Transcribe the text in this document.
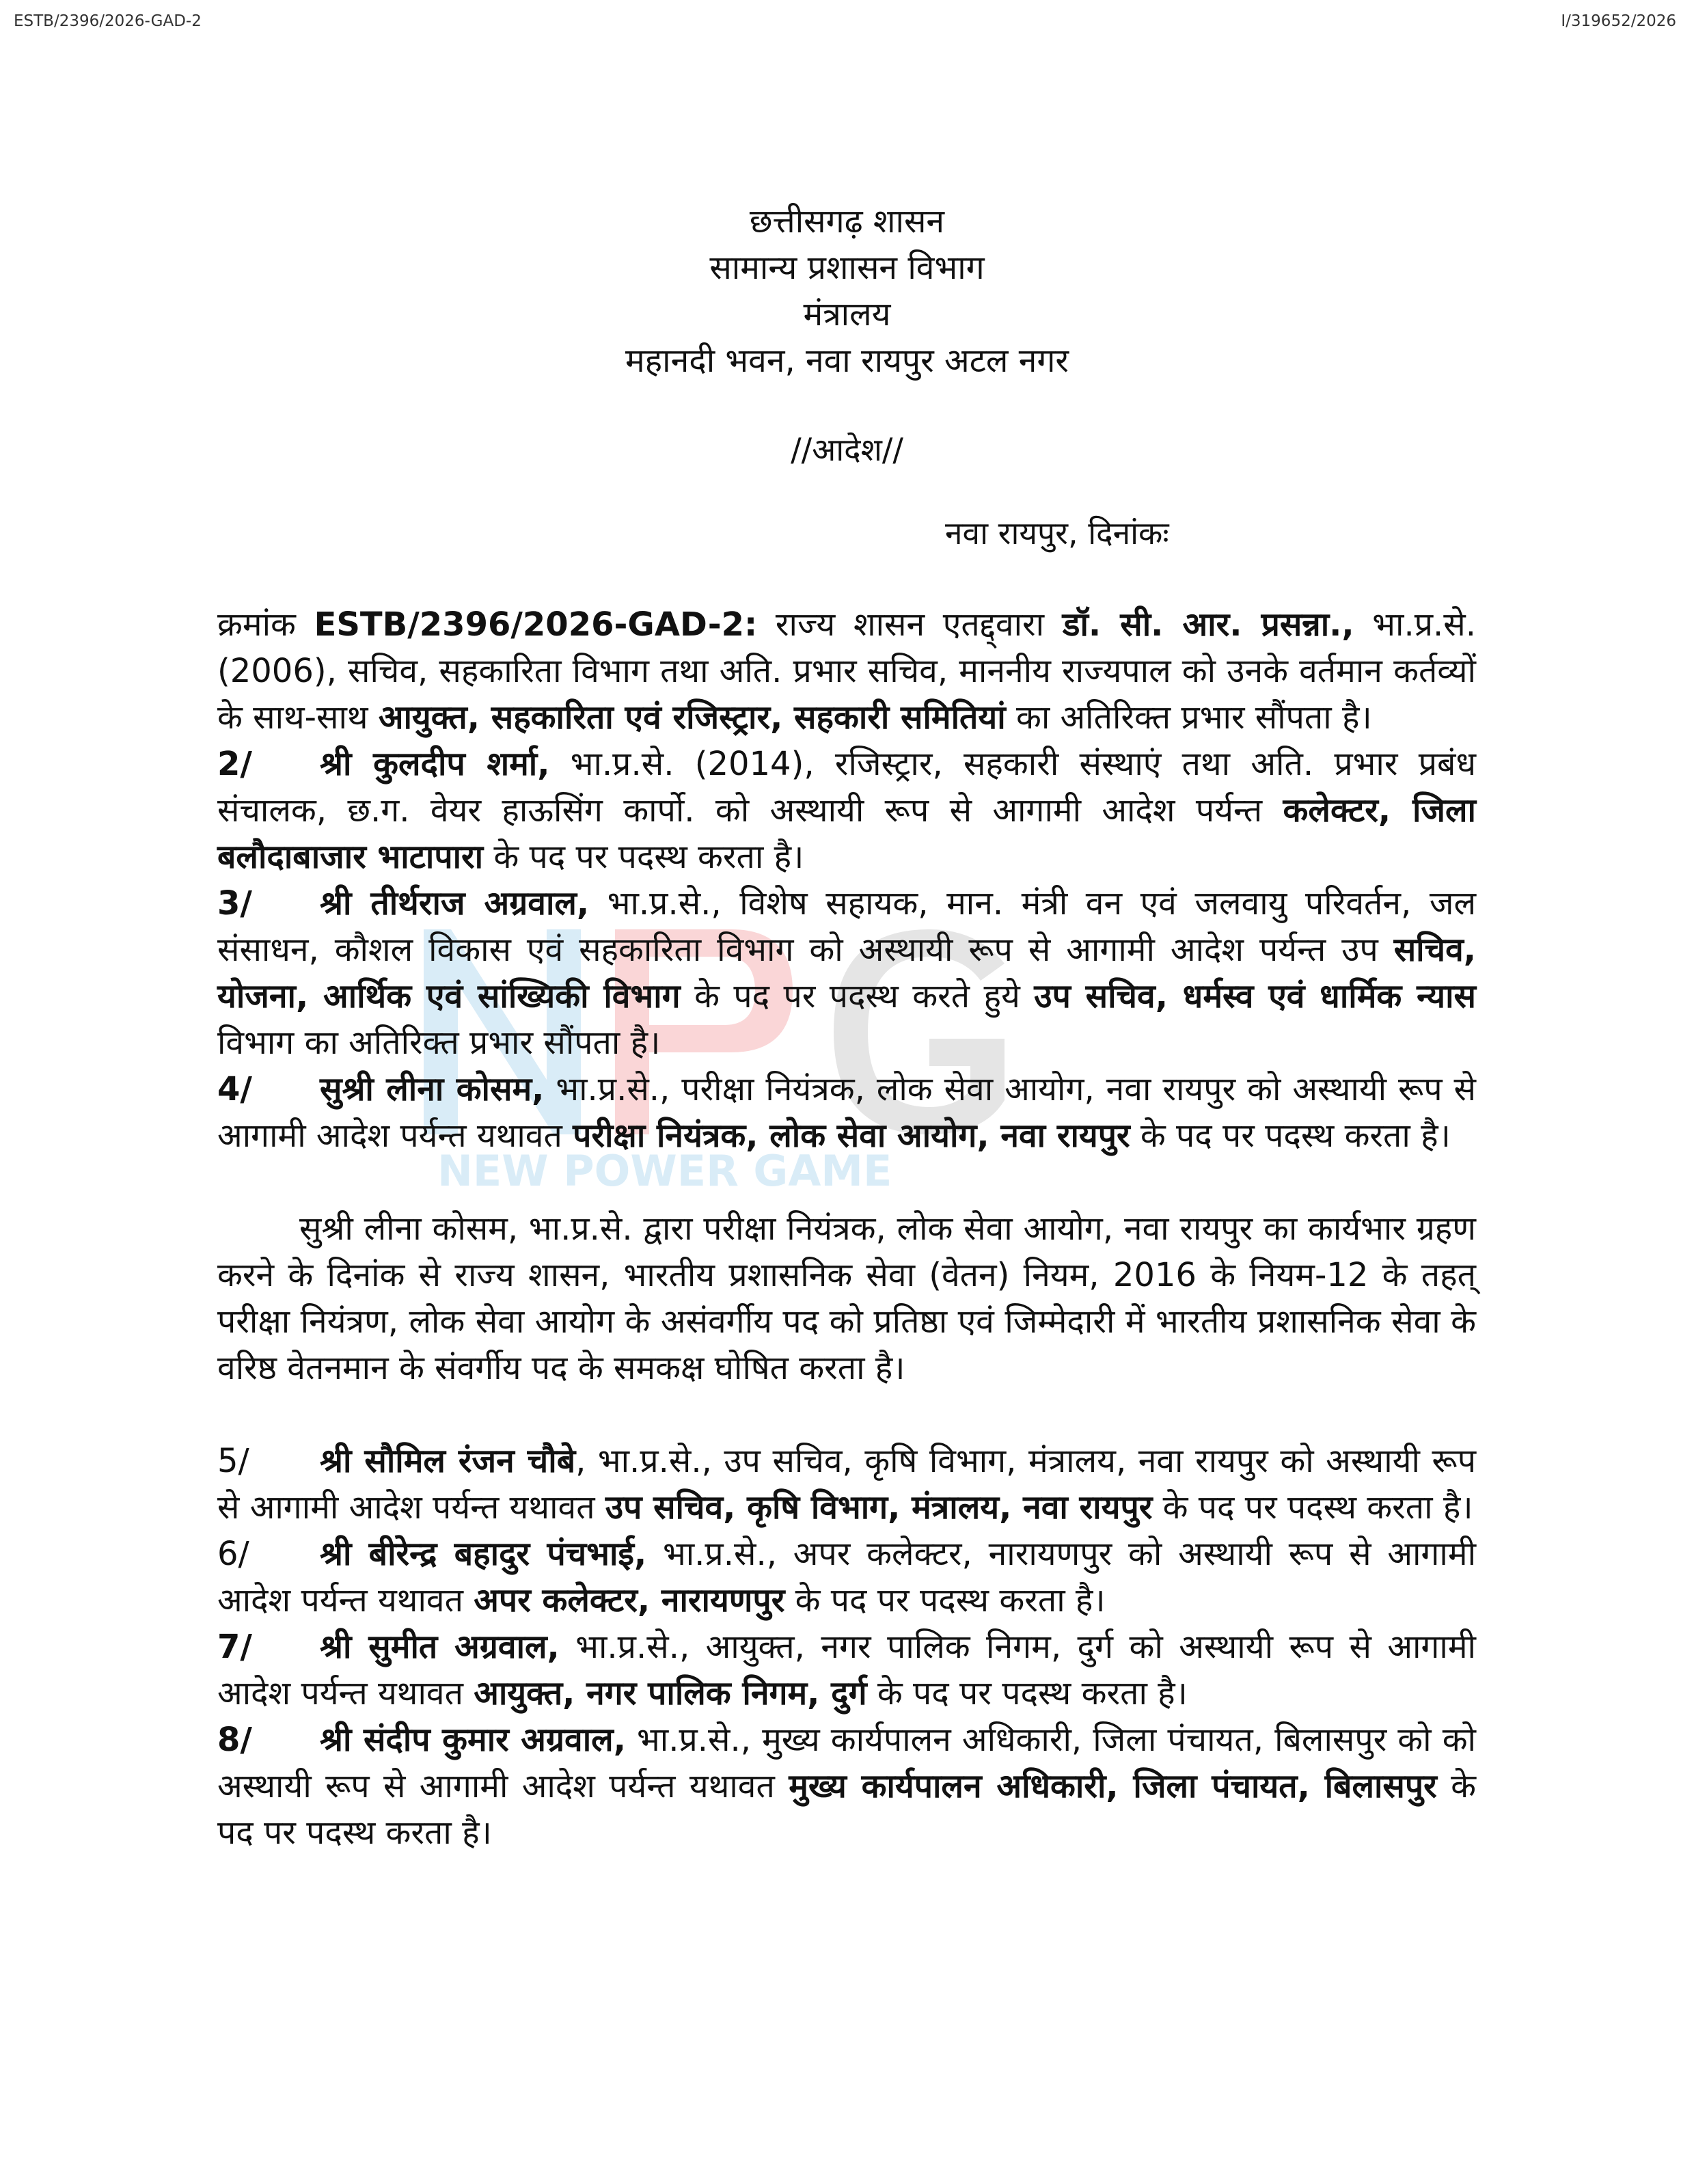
ESTB/2396/2026-GAD-2	I/319652/2026
छत्तीसगढ़ शासन
सामान्य प्रशासन विभाग
मंत्रालय
महानदी भवन, नवा रायपुर अटल नगर
//आदेश//
नवा रायपुर, दिनांकः
NEW POWER GAME

क्रमांक ESTB/2396/2026-GAD-2: राज्य शासन एतद्द्वारा डॉ. सी. आर. प्रसन्ना., भा.प्र.से. (2006), सचिव, सहकारिता विभाग तथा अति. प्रभार सचिव, माननीय राज्यपाल को उनके वर्तमान कर्तव्यों के साथ-साथ आयुक्त, सहकारिता एवं रजिस्ट्रार, सहकारी समितियां का अतिरिक्त प्रभार सौंपता है।

2/ श्री कुलदीप शर्मा, भा.प्र.से. (2014), रजिस्ट्रार, सहकारी संस्थाएं तथा अति. प्रभार प्रबंध संचालक, छ.ग. वेयर हाऊसिंग कार्पो. को अस्थायी रूप से आगामी आदेश पर्यन्त कलेक्टर, जिला बलौदाबाजार भाटापारा के पद पर पदस्थ करता है।

3/ श्री तीर्थराज अग्रवाल, भा.प्र.से., विशेष सहायक, मान. मंत्री वन एवं जलवायु परिवर्तन, जल संसाधन, कौशल विकास एवं सहकारिता विभाग को अस्थायी रूप से आगामी आदेश पर्यन्त उप सचिव, योजना, आर्थिक एवं सांख्यिकी विभाग के पद पर पदस्थ करते हुये उप सचिव, धर्मस्व एवं धार्मिक न्यास विभाग का अतिरिक्त प्रभार सौंपता है।

4/ सुश्री लीना कोसम, भा.प्र.से., परीक्षा नियंत्रक, लोक सेवा आयोग, नवा रायपुर को अस्थायी रूप से आगामी आदेश पर्यन्त यथावत परीक्षा नियंत्रक, लोक सेवा आयोग, नवा रायपुर के पद पर पदस्थ करता है।

सुश्री लीना कोसम, भा.प्र.से. द्वारा परीक्षा नियंत्रक, लोक सेवा आयोग, नवा रायपुर का कार्यभार ग्रहण करने के दिनांक से राज्य शासन, भारतीय प्रशासनिक सेवा (वेतन) नियम, 2016 के नियम-12 के तहत् परीक्षा नियंत्रण, लोक सेवा आयोग के असंवर्गीय पद को प्रतिष्ठा एवं जिम्मेदारी में भारतीय प्रशासनिक सेवा के वरिष्ठ वेतनमान के संवर्गीय पद के समकक्ष घोषित करता है।

5/ श्री सौमिल रंजन चौबे, भा.प्र.से., उप सचिव, कृषि विभाग, मंत्रालय, नवा रायपुर को अस्थायी रूप से आगामी आदेश पर्यन्त यथावत उप सचिव, कृषि विभाग, मंत्रालय, नवा रायपुर के पद पर पदस्थ करता है।

6/ श्री बीरेन्द्र बहादुर पंचभाई, भा.प्र.से., अपर कलेक्टर, नारायणपुर को अस्थायी रूप से आगामी आदेश पर्यन्त यथावत अपर कलेक्टर, नारायणपुर के पद पर पदस्थ करता है।

7/ श्री सुमीत अग्रवाल, भा.प्र.से., आयुक्त, नगर पालिक निगम, दुर्ग को अस्थायी रूप से आगामी आदेश पर्यन्त यथावत आयुक्त, नगर पालिक निगम, दुर्ग के पद पर पदस्थ करता है।

8/ श्री संदीप कुमार अग्रवाल, भा.प्र.से., मुख्य कार्यपालन अधिकारी, जिला पंचायत, बिलासपुर को को अस्थायी रूप से आगामी आदेश पर्यन्त यथावत मुख्य कार्यपालन अधिकारी, जिला पंचायत, बिलासपुर के पद पर पदस्थ करता है।
